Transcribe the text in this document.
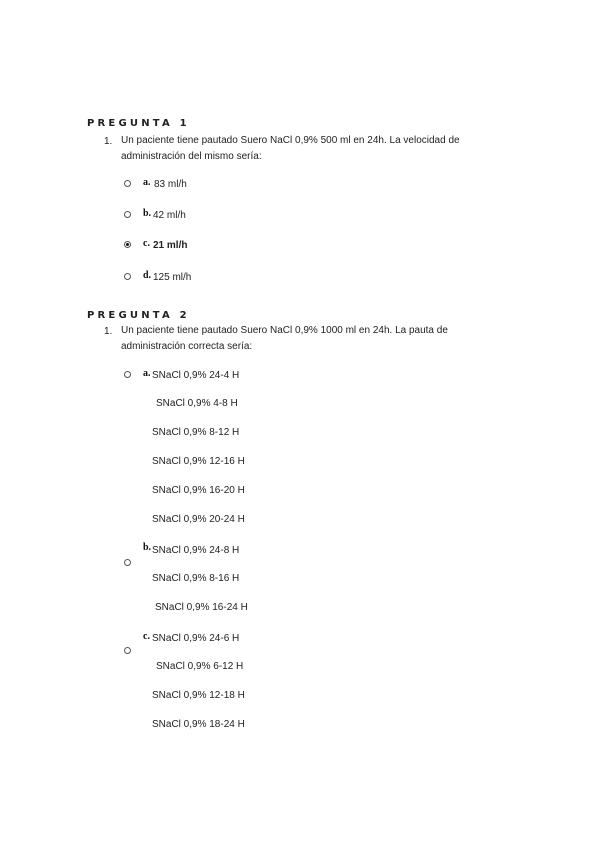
PREGUNTA 1
1. Un paciente tiene pautado Suero NaCl 0,9% 500 ml en 24h. La velocidad de administración del mismo sería:
a. 83 ml/h
b. 42 ml/h
c. 21 ml/h
d. 125 ml/h
PREGUNTA 2
1. Un paciente tiene pautado Suero NaCl 0,9% 1000 ml en 24h. La pauta de administración correcta sería:
a. SNaCl 0,9% 24-4 H
SNaCl 0,9% 4-8 H
SNaCl 0,9% 8-12 H
SNaCl 0,9% 12-16 H
SNaCl 0,9% 16-20 H
SNaCl 0,9% 20-24 H
b. SNaCl 0,9% 24-8 H
SNaCl 0,9% 8-16 H
SNaCl 0,9% 16-24 H
c. SNaCl 0,9% 24-6 H
SNaCl 0,9% 6-12 H
SNaCl 0,9% 12-18 H
SNaCl 0,9% 18-24 H
